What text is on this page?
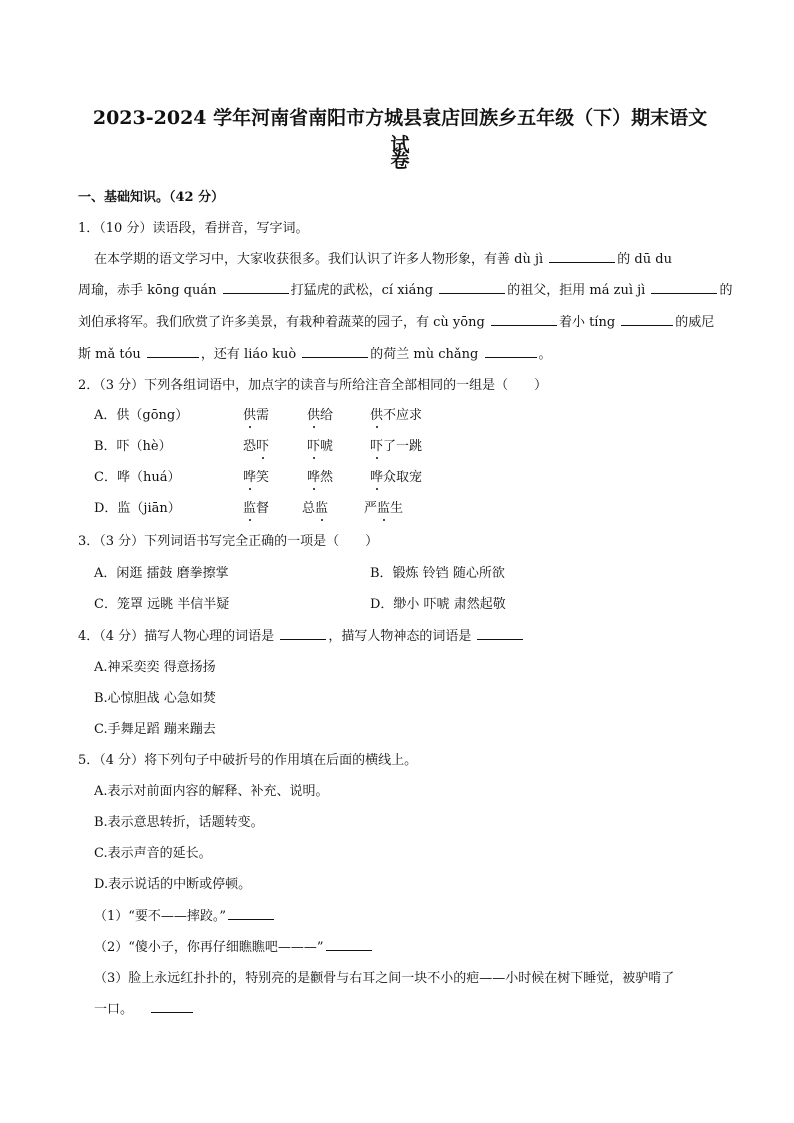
2023-2024 学年河南省南阳市方城县袁店回族乡五年级（下）期末语文试
卷
一、基础知识。（42 分）
1．（10 分）读语段，看拼音，写字词。
在本学期的语文学习中，大家收获很多。我们认识了许多人物形象，有善 dù jì	的 dū du
周瑜，赤手 kōng quán	打猛虎的武松，cí xiáng	的祖父，拒用 má zuì jì	的
刘伯承将军。我们欣赏了许多美景，有栽种着蔬菜的园子，有 cù yōng	着小 tíng	的威尼
斯 mǎ tóu	，还有 liáo kuò	的荷兰 mù chǎng	。
2．（3 分）下列各组词语中，加点字的读音与所给注音全部相同的一组是（　　）
A．供（gōng）	供需	供给	供不应求
B．吓（hè）	恐吓	吓唬	吓了一跳
C．哗（huá）	哗笑	哗然	哗众取宠
D．监（jiān）	监督	总监	严监生
3．（3 分）下列词语书写完全正确的一项是（　　）
A．闲逛 擂鼓 磨拳擦掌	B．锻炼 铃铛 随心所欲
C．笼罩 远眺 半信半疑	D．缈小 吓唬 肃然起敬
4．（4 分）描写人物心理的词语是	，描写人物神态的词语是
A.神采奕奕 得意扬扬
B.心惊胆战 心急如焚
C.手舞足蹈 蹦来蹦去
5．（4 分）将下列句子中破折号的作用填在后面的横线上。
A.表示对前面内容的解释、补充、说明。
B.表示意思转折，话题转变。
C.表示声音的延长。
D.表示说话的中断或停顿。
（1）“要不——摔跤。”
（2）“傻小子，你再仔细瞧瞧吧———”
（3）脸上永远红扑扑的，特别亮的是颧骨与右耳之间一块不小的疤——小时候在树下睡觉，被驴啃了
一口。
